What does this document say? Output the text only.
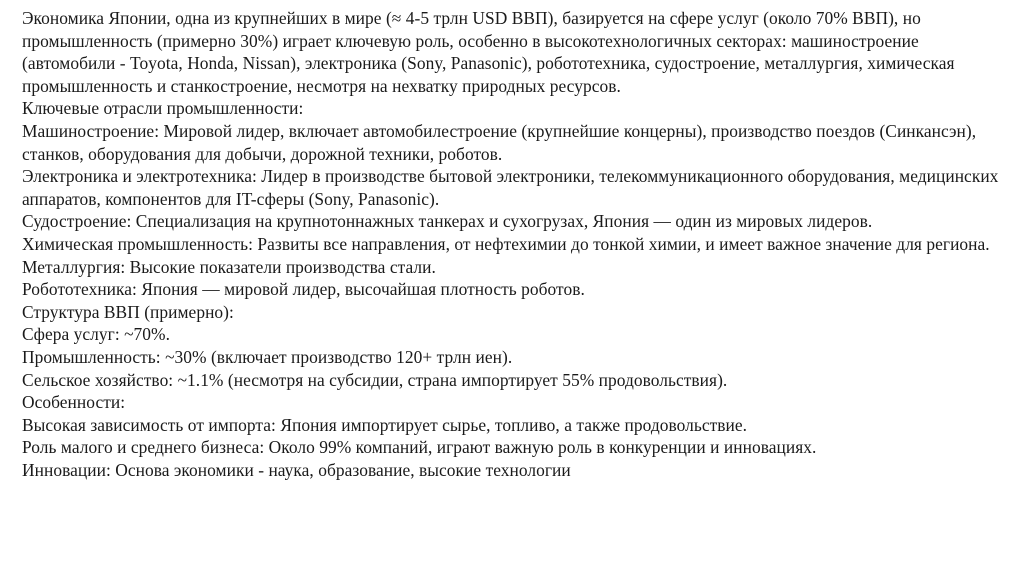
Экономика Японии, одна из крупнейших в мире (≈ 4-5 трлн USD ВВП), базируется на сфере услуг (около 70% ВВП), но промышленность (примерно 30%) играет ключевую роль, особенно в высокотехнологичных секторах: машиностроение (автомобили - Toyota, Honda, Nissan), электроника (Sony, Panasonic), робототехника, судостроение, металлургия, химическая промышленность и станкостроение, несмотря на нехватку природных ресурсов.

Ключевые отрасли промышленности:

Машиностроение: Мировой лидер, включает автомобилестроение (крупнейшие концерны), производство поездов (Синкансэн), станков, оборудования для добычи, дорожной техники, роботов.

Электроника и электротехника: Лидер в производстве бытовой электроники, телекоммуникационного оборудования, медицинских аппаратов, компонентов для IT-сферы (Sony, Panasonic).

Судостроение: Специализация на крупнотоннажных танкерах и сухогрузах, Япония — один из мировых лидеров.

Химическая промышленность: Развиты все направления, от нефтехимии до тонкой химии, и имеет важное значение для региона.

Металлургия: Высокие показатели производства стали.

Робототехника: Япония — мировой лидер, высочайшая плотность роботов.

Структура ВВП (примерно):

Сфера услуг: ~70%.

Промышленность: ~30% (включает производство 120+ трлн иен).

Сельское хозяйство: ~1.1% (несмотря на субсидии, страна импортирует 55% продовольствия).

Особенности:

Высокая зависимость от импорта: Япония импортирует сырье, топливо, а также продовольствие.

Роль малого и среднего бизнеса: Около 99% компаний, играют важную роль в конкуренции и инновациях.

Инновации: Основа экономики - наука, образование, высокие технологии
